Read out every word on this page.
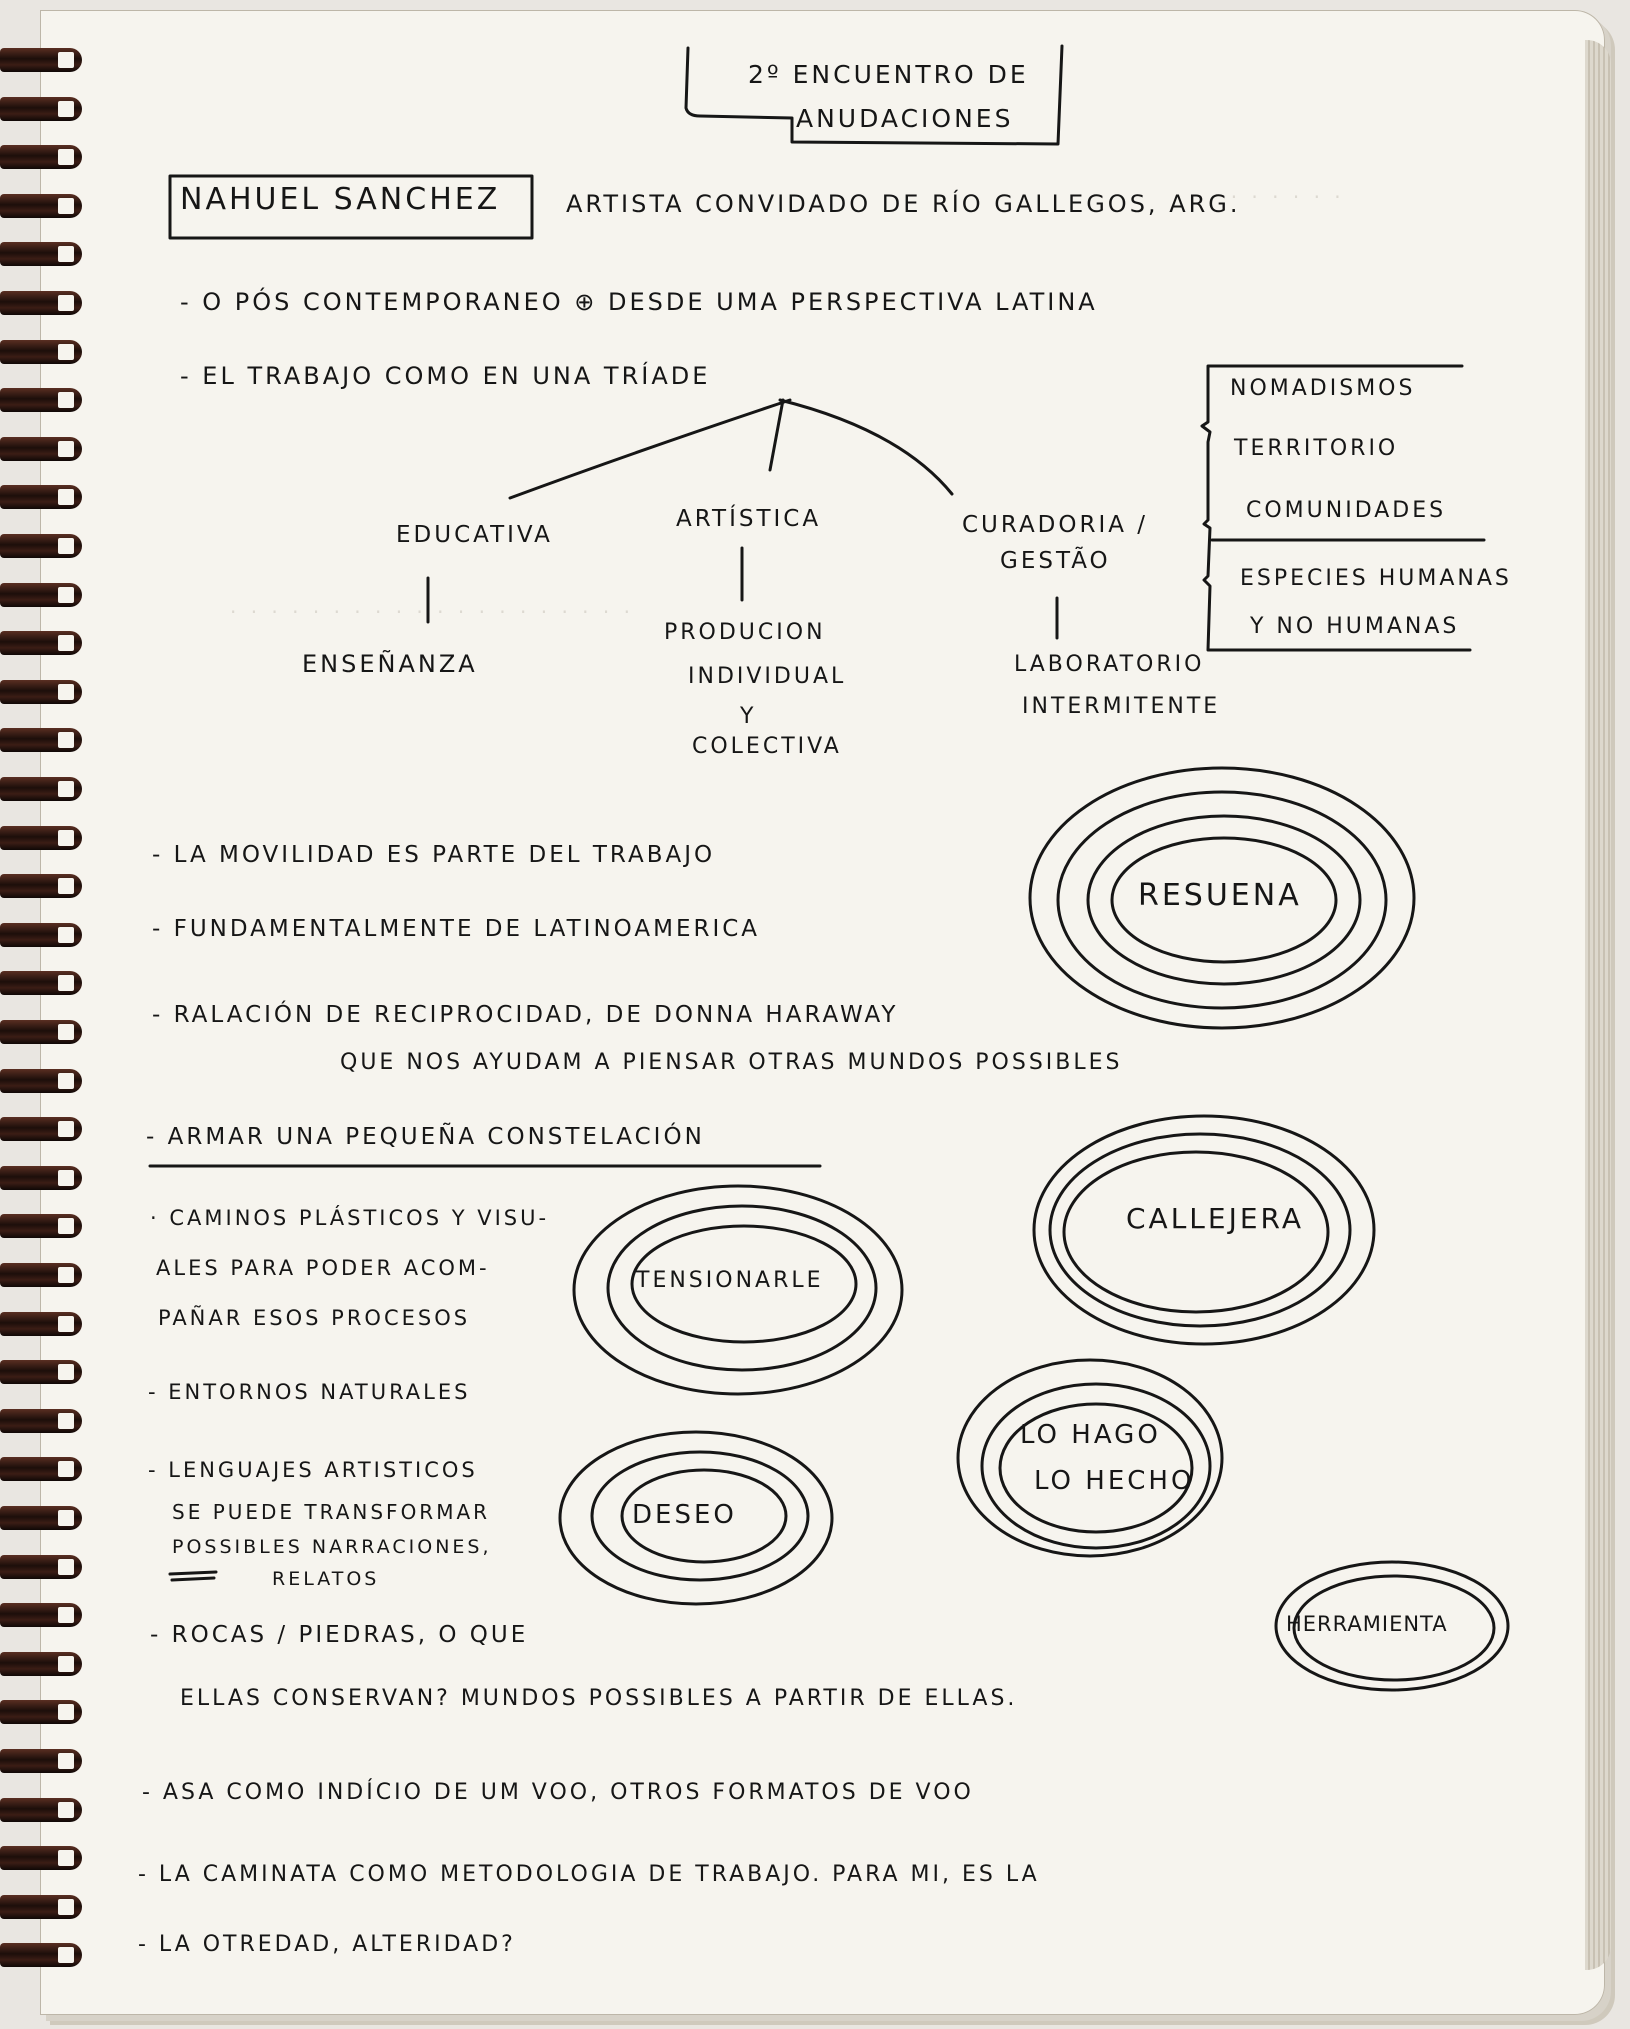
· · · · · · ·
· · · · · · · · · · · · · · · · · · · ·
2º ENCUENTRO DE
ANUDACIONES
NAHUEL SANCHEZ	ARTISTA CONVIDADO DE RÍO GALLEGOS, ARG.
- O PÓS CONTEMPORANEO ⊕ DESDE UMA PERSPECTIVA LATINA
- EL TRABAJO COMO EN UNA TRÍADE
EDUCATIVA
ENSEÑANZA
ARTÍSTICA
PRODUCION
INDIVIDUAL
Y
COLECTIVA
CURADORIA /
GESTÃO
LABORATORIO
INTERMITENTE
NOMADISMOS
TERRITORIO
COMUNIDADES
ESPECIES HUMANAS
Y NO HUMANAS
- LA MOVILIDAD ES PARTE DEL TRABAJO
- FUNDAMENTALMENTE DE LATINOAMERICA
- RALACIÓN DE RECIPROCIDAD, DE DONNA HARAWAY
QUE NOS AYUDAM A PIENSAR OTRAS MUNDOS POSSIBLES
- ARMAR UNA PEQUEÑA CONSTELACIÓN
· CAMINOS PLÁSTICOS Y VISU-
ALES PARA PODER ACOM-
PAÑAR ESOS PROCESOS
- ENTORNOS NATURALES
- LENGUAJES ARTISTICOS
SE PUEDE TRANSFORMAR
POSSIBLES NARRACIONES,
RELATOS
RESUENA
CALLEJERA
TENSIONARLE
LO HAGO
LO HECHO
DESEO
HERRAMIENTA
- ROCAS / PIEDRAS, O QUE
ELLAS CONSERVAN? MUNDOS POSSIBLES A PARTIR DE ELLAS.
- ASA COMO INDÍCIO DE UM VOO, OTROS FORMATOS DE VOO
- LA CAMINATA COMO METODOLOGIA DE TRABAJO. PARA MI, ES LA
- LA OTREDAD, ALTERIDAD?
